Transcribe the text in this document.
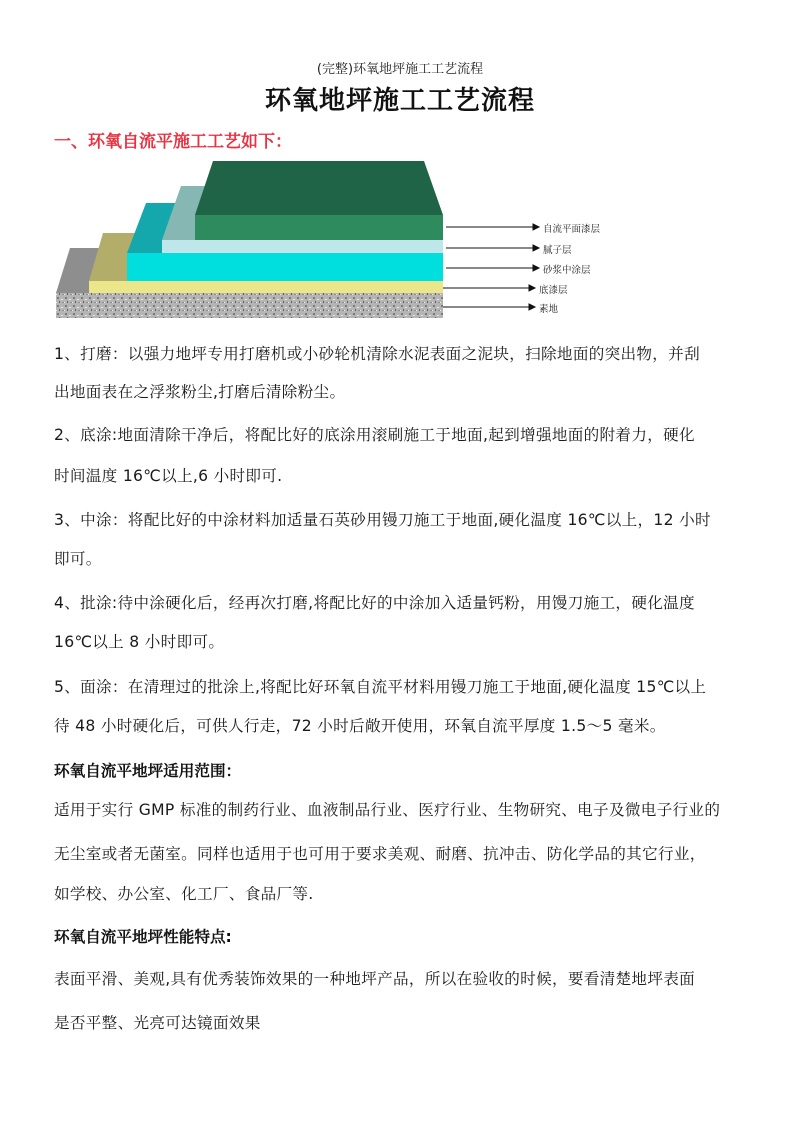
(完整)环氧地坪施工工艺流程
环氧地坪施工工艺流程
一、环氧自流平施工工艺如下：
自流平面漆层
腻子层
砂浆中涂层
底漆层
素地
1、打磨：以强力地坪专用打磨机或小砂轮机清除水泥表面之泥块，扫除地面的突出物，并刮
出地面表在之浮浆粉尘,打磨后清除粉尘。
2、底涂:地面清除干净后，将配比好的底涂用滚刷施工于地面,起到增强地面的附着力，硬化
时间温度 16℃以上,6 小时即可.
3、中涂：将配比好的中涂材料加适量石英砂用镘刀施工于地面,硬化温度 16℃以上，12 小时
即可。
4、批涂:待中涂硬化后，经再次打磨,将配比好的中涂加入适量钙粉，用馒刀施工，硬化温度
16℃以上 8 小时即可。
5、面涂：在清理过的批涂上,将配比好环氧自流平材料用镘刀施工于地面,硬化温度 15℃以上
待 48 小时硬化后，可供人行走，72 小时后敞开使用，环氧自流平厚度 1.5～5 毫米。
环氧自流平地坪适用范围：
适用于实行 GMP 标准的制药行业、血液制品行业、医疗行业、生物研究、电子及微电子行业的
无尘室或者无菌室。同样也适用于也可用于要求美观、耐磨、抗冲击、防化学品的其它行业，
如学校、办公室、化工厂、食品厂等.
环氧自流平地坪性能特点:
表面平滑、美观,具有优秀装饰效果的一种地坪产品，所以在验收的时候，要看清楚地坪表面
是否平整、光亮可达镜面效果
